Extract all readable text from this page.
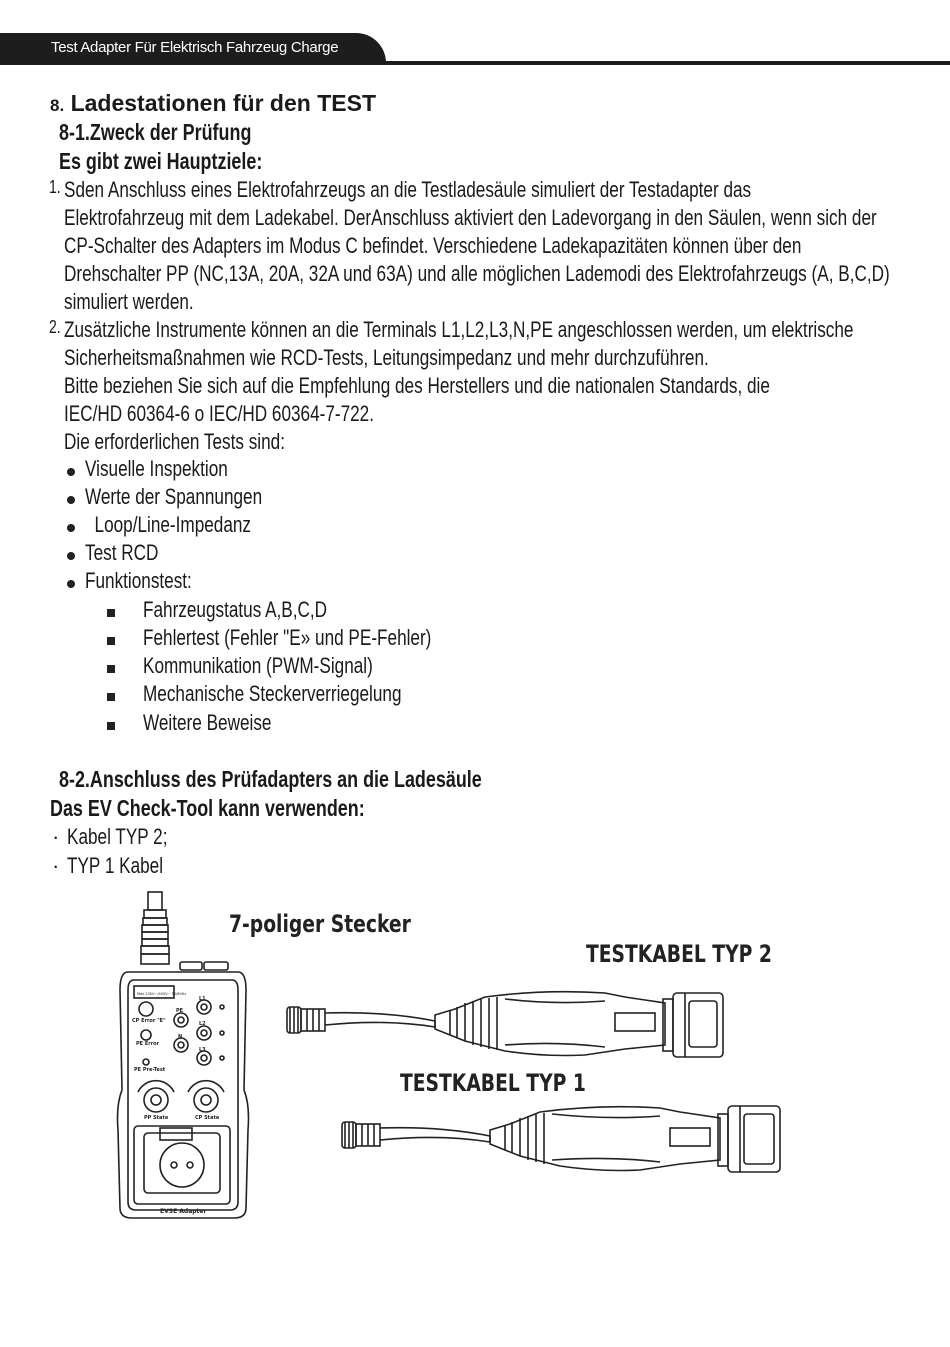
Test Adapter Für Elektrisch Fahrzeug Charge
8. Ladestationen für den TEST
8-1.Zweck der Prüfung
Es gibt zwei Hauptziele:
1. Sden Anschluss eines Elektrofahrzeugs an die Testladesäule simuliert der Testadapter das
Elektrofahrzeug mit dem Ladekabel. DerAnschluss aktiviert den Ladevorgang in den Säulen, wenn sich der
CP-Schalter des Adapters im Modus C befindet. Verschiedene Ladekapazitäten können über den
Drehschalter PP (NC,13A, 20A, 32A und 63A) und alle möglichen Lademodi des Elektrofahrzeugs (A, B,C,D)
simuliert werden.
2. Zusätzliche Instrumente können an die Terminals L1,L2,L3,N,PE angeschlossen werden, um elektrische
Sicherheitsmaßnahmen wie RCD-Tests, Leitungsimpedanz und mehr durchzuführen.
Bitte beziehen Sie sich auf die Empfehlung des Herstellers und die nationalen Standards, die
IEC/HD 60364-6 o IEC/HD 60364-7-722.
Die erforderlichen Tests sind:
Visuelle Inspektion
Werte der Spannungen
Loop/Line-Impedanz
Test RCD
Funktionstest:
Fahrzeugstatus A,B,C,D
Fehlertest (Fehler "E» und PE-Fehler)
Kommunikation (PWM-Signal)
Mechanische Steckerverriegelung
Weitere Beweise
8-2.Anschluss des Prüfadapters an die Ladesäule
Das EV Check-Tool kann verwenden:
· Kabel TYP 2;
· TYP 1 Kabel
7-poliger Stecker
TESTKABEL TYP 2
TESTKABEL TYP 1
Max 230V~/400V~ 50/60Hz
CP Error "E"
PE Error
PE Pre-Test
L1
L2
L3
N
PE
PP State	CP State
EVSE Adapter
